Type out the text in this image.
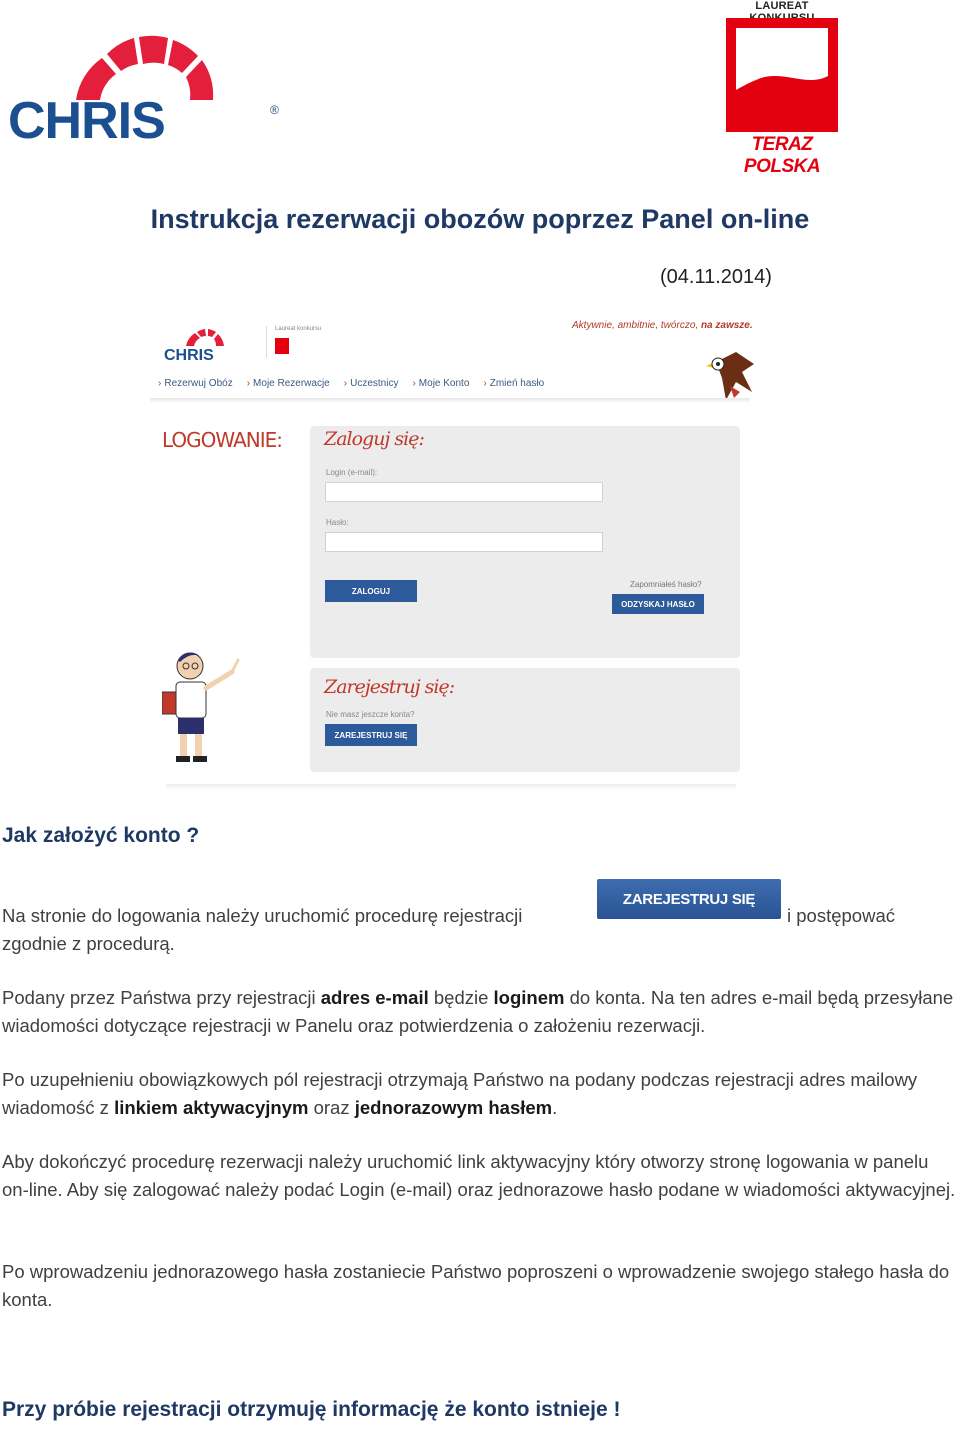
CHRIS	®
LAUREAT
TERAZ POLSKA
Instrukcja rezerwacji obozów poprzez Panel on-line
(04.11.2014)
CHRIS
Laureat konkursu	Aktywnie, ambitnie, twórczo, na zawsze.
› Rezerwuj Obóz	› Moje Rezerwacje	› Uczestnicy	› Moje Konto	› Zmień hasło
LOGOWANIE: Zaloguj się:
Login (e-mail):
Hasło:
ZALOGUJ
Zapomniałeś hasło?
ODZYSKAJ HASŁO
Zarejestruj się:
Nie masz jeszcze konta?
ZAREJESTRUJ SIĘ
Jak założyć konto ?
Na stronie do logowania należy uruchomić procedurę rejestracji
ZAREJESTRUJ SIĘ
i postępować
zgodnie z procedurą.
Podany przez Państwa przy rejestracji adres e-mail będzie loginem do konta. Na ten adres e-mail będą przesyłane wiadomości dotyczące rejestracji w Panelu oraz potwierdzenia o założeniu rezerwacji.
Po uzupełnieniu obowiązkowych pól rejestracji otrzymają Państwo na podany podczas rejestracji adres mailowy wiadomość z linkiem aktywacyjnym oraz jednorazowym hasłem.
Aby dokończyć procedurę rezerwacji należy uruchomić link aktywacyjny który otworzy stronę logowania w panelu on-line. Aby się zalogować należy podać Login (e-mail) oraz jednorazowe hasło podane w wiadomości aktywacyjnej.
Po wprowadzeniu jednorazowego hasła zostaniecie Państwo poproszeni o wprowadzenie swojego stałego hasła do konta.
Przy próbie rejestracji otrzymuję informację że konto istnieje !
